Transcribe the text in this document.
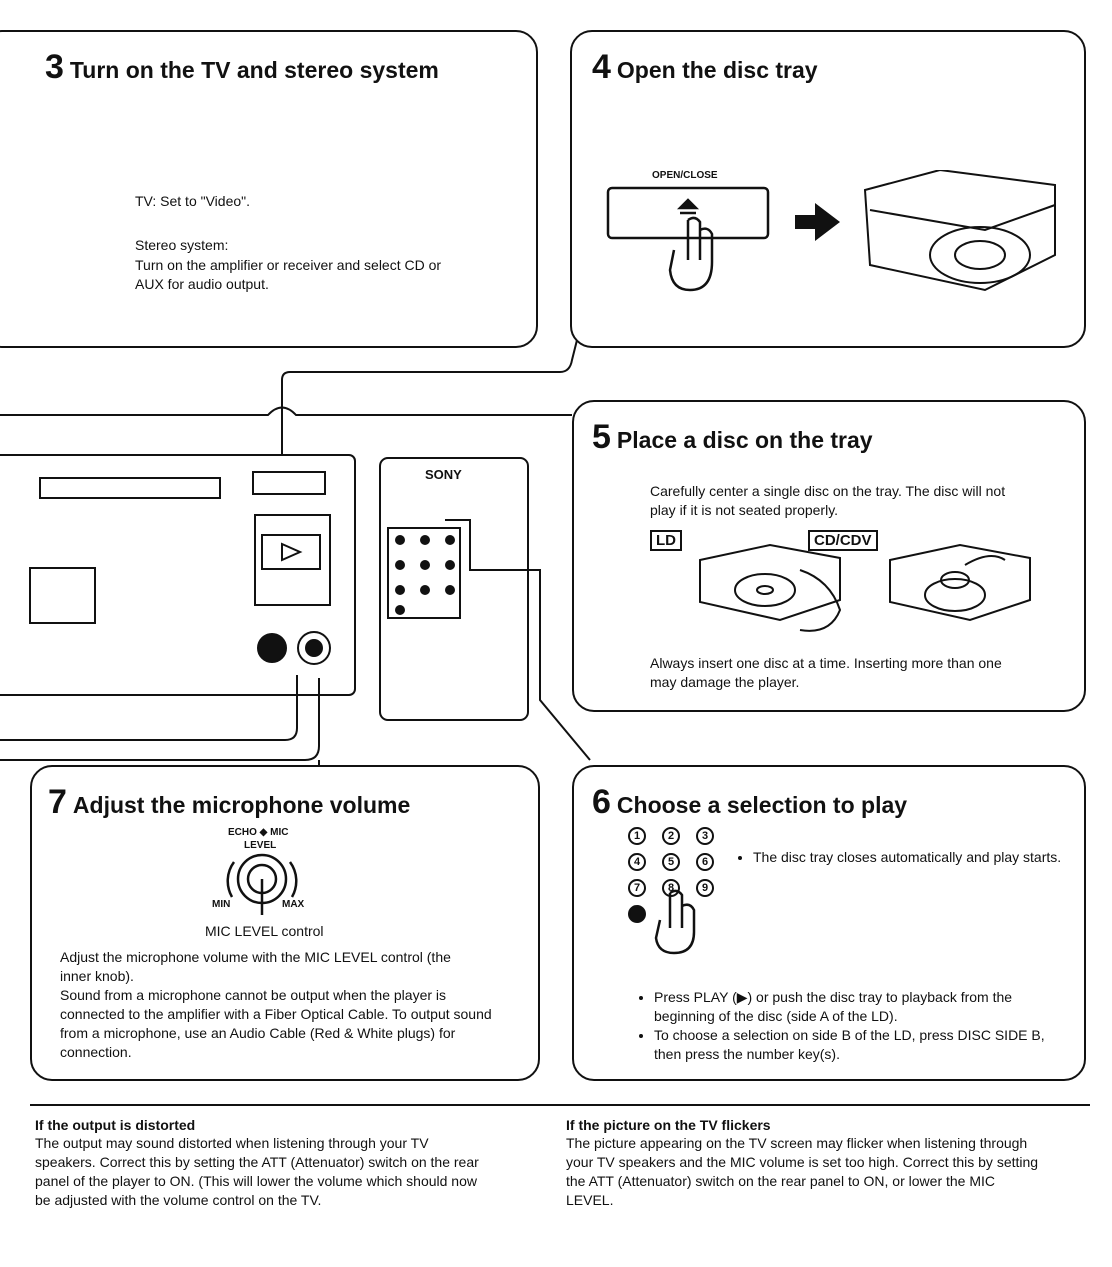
3 Turn on the TV and stereo system
TV: Set to "Video".
Stereo system:
Turn on the amplifier or receiver and select CD or AUX for audio output.
4 Open the disc tray
OPEN/CLOSE
5 Place a disc on the tray
Carefully center a single disc on the tray. The disc will not play if it is not seated properly.
LD	CD/CDV
Always insert one disc at a time. Inserting more than one may damage the player.
6 Choose a selection to play
1	2	3
4	5	6
7	8	9
• The disc tray closes automatically and play starts.
• Press PLAY (▶) or push the disc tray to playback from the beginning of the disc (side A of the LD).
• To choose a selection on side B of the LD, press DISC SIDE B, then press the number key(s).
7 Adjust the microphone volume
ECHO ◆ MIC
LEVEL
MIN	MAX
MIC LEVEL control
Adjust the microphone volume with the MIC LEVEL control (the inner knob).
Sound from a microphone cannot be output when the player is connected to the amplifier with a Fiber Optical Cable. To output sound from a microphone, use an Audio Cable (Red & White plugs) for connection.
SONY
If the output is distorted
The output may sound distorted when listening through your TV speakers. Correct this by setting the ATT (Attenuator) switch on the rear panel of the player to ON. (This will lower the volume which should now be adjusted with the volume control on the TV.
If the picture on the TV flickers
The picture appearing on the TV screen may flicker when listening through your TV speakers and the MIC volume is set too high. Correct this by setting the ATT (Attenuator) switch on the rear panel to ON, or lower the MIC LEVEL.
